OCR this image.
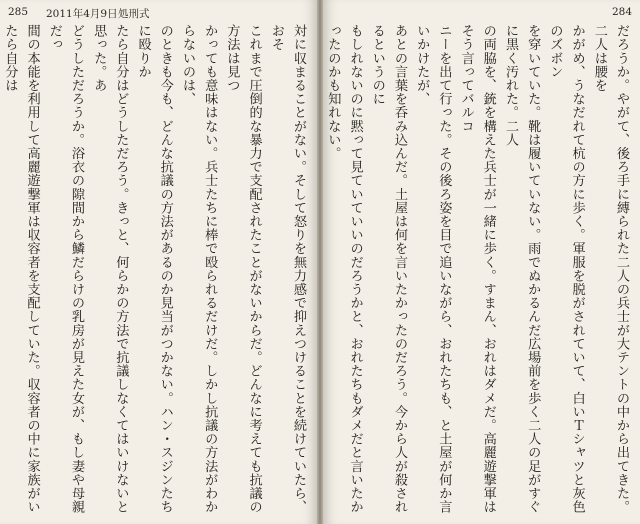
285 2011年4月9日 処刑式

対に収まることがない。そして怒りを無力感で抑えつけることを続けていたら、おそ

これまで圧倒的な暴力で支配されたことがないからだ。どんなに考えても抗議の方法は見つ

かっても意味はない。兵士たちに棒で殴られるだけだ。しかし抗議の方法がわからないのは、

のときも今も、どんな抗議の方法があるのか見当がつかない。ハン・スジンたちに殴りか

たら自分はどうしただろう。きっと、何らかの方法で抗議しなくてはいけないと思った。あ

どうしただろうか。浴衣の隙間から鱗だらけの乳房が見えた女が、もし妻や母親だっ

間の本能を利用して高麗遊撃軍は収容者を支配していた。収容者の中に家族がいたら自分は

284

だろうか。やがて、後ろ手に縛られた二人の兵士が大テントの中から出てきた。二人は腰を

かがめ、うなだれて杭の方に歩く。軍服を脱がされていて、白いＴシャツと灰色のズボン

を穿いていた。靴は履いていない。雨でぬかるんだ広場前を歩く二人の足がすぐに黒く汚れた。二人

の両脇を、銃を構えた兵士が一緒に歩く。すまん、おれはダメだ。高麗遊撃軍はそう言ってバルコ

ニーを出て行った。その後ろ姿を目で追いながら、おれたちも、と土屋が何か言いかけたが、

あとの言葉を呑み込んだ。土屋は何を言いたかったのだろう。今から人が殺されるというのに

もしれないのに黙って見ていていいのだろうかと、おれたちもダメだと言いたかったのかも知れない。
